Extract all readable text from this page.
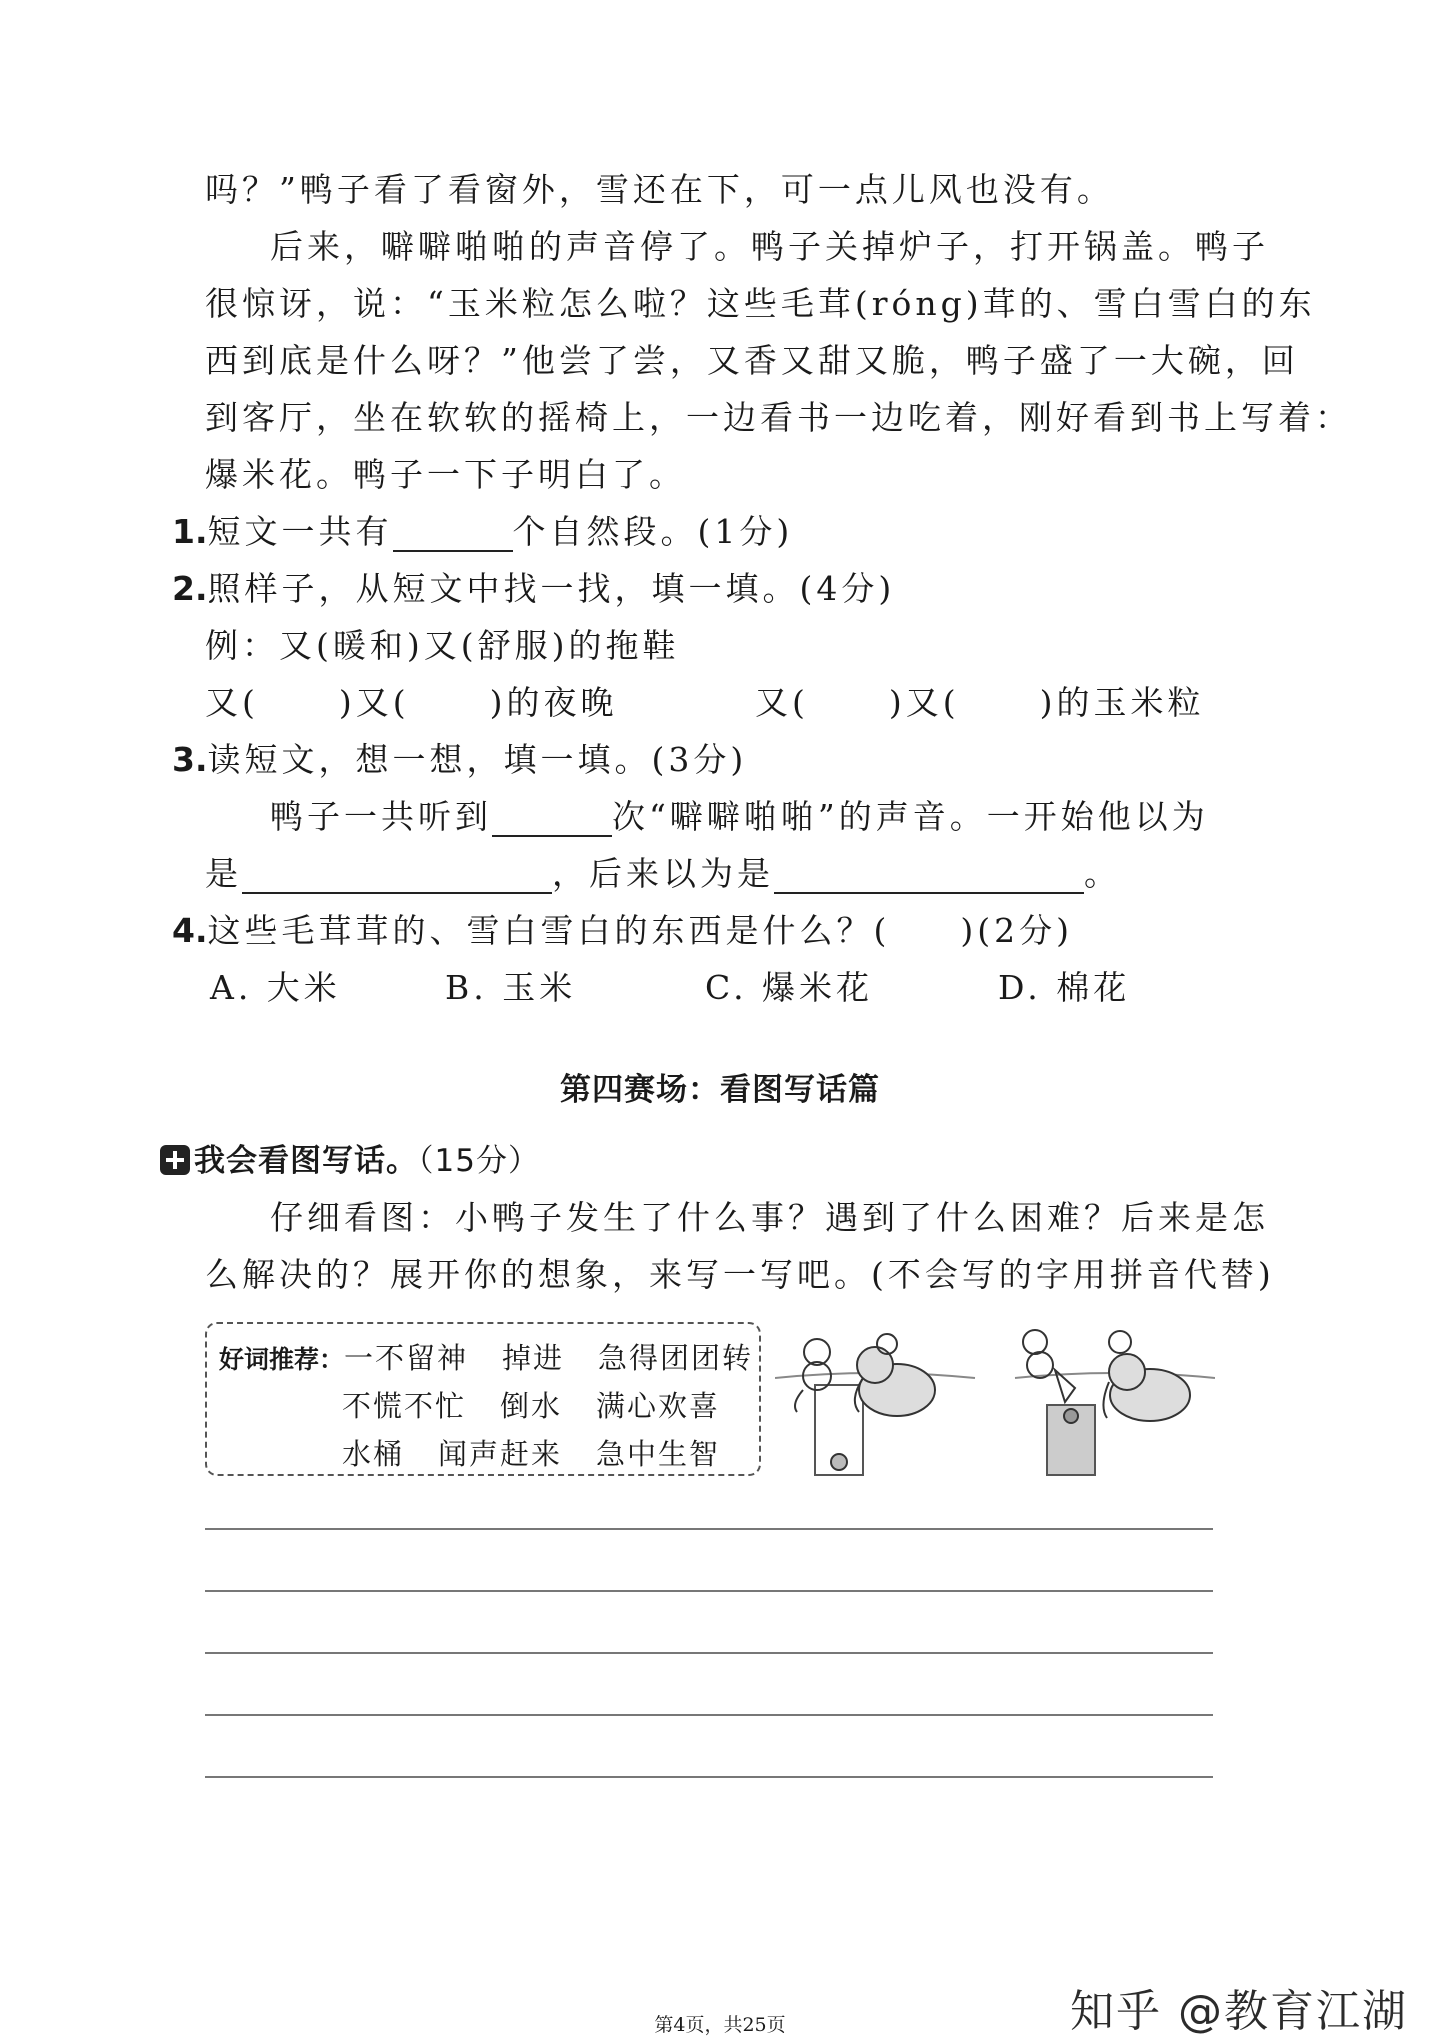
吗？”鸭子看了看窗外，雪还在下，可一点儿风也没有。
后来，噼噼啪啪的声音停了。鸭子关掉炉子，打开锅盖。鸭子
很惊讶，说：“玉米粒怎么啦？这些毛茸(róng)茸的、雪白雪白的东
西到底是什么呀？”他尝了尝，又香又甜又脆，鸭子盛了一大碗，回
到客厅，坐在软软的摇椅上，一边看书一边吃着，刚好看到书上写着：
爆米花。鸭子一下子明白了。
1.短文一共有	个自然段。(1分)
2.照样子，从短文中找一找，填一填。(4分)
例：又(暖和)又(舒服)的拖鞋
又( )又( )的夜晚	又( )又( )的玉米粒
3.读短文，想一想，填一填。(3分)
鸭子一共听到	次“噼噼啪啪”的声音。一开始他以为
是	，后来以为是	。
4.这些毛茸茸的、雪白雪白的东西是什么？( )(2分)
A. 大米	B. 玉米	C. 爆米花	D. 棉花
第四赛场：看图写话篇
我会看图写话。（15分）
仔细看图：小鸭子发生了什么事？遇到了什么困难？后来是怎
么解决的？展开你的想象，来写一写吧。(不会写的字用拼音代替)
好词推荐：一不留神 掉进 急得团团转
不慌不忙 倒水 满心欢喜
水桶 闻声赶来 急中生智
第4页，共25页	知乎 @教育江湖
